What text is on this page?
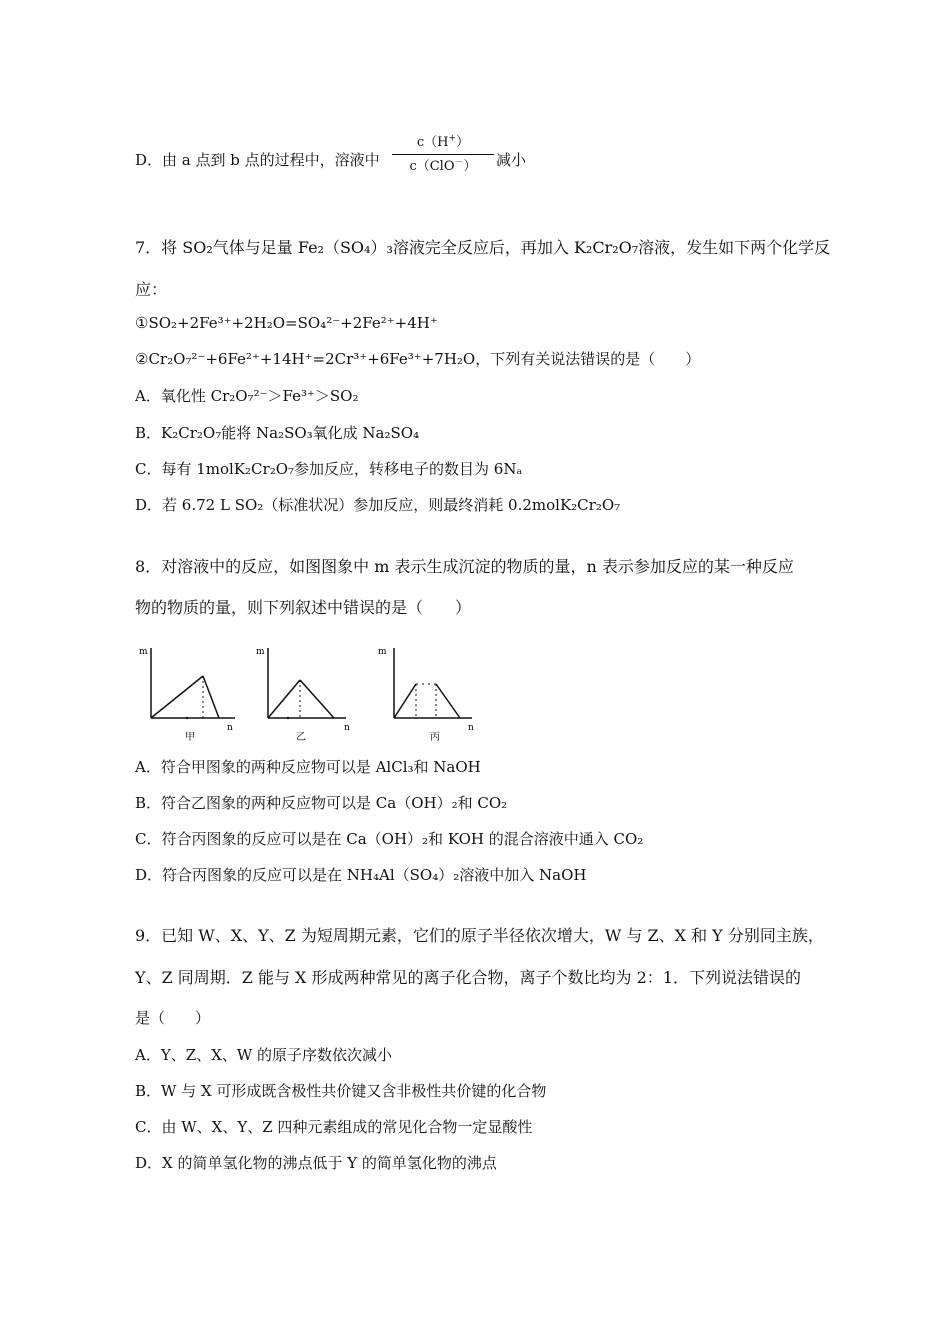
D．由 a 点到 b 点的过程中，溶液中
c（H+）
c（ClO－）	减小
7．将 SO₂气体与足量 Fe₂（SO₄）₃溶液完全反应后，再加入 K₂Cr₂O₇溶液，发生如下两个化学反
应：
①SO₂+2Fe³⁺+2H₂O=SO₄²⁻+2Fe²⁺+4H⁺
②Cr₂O₇²⁻+6Fe²⁺+14H⁺=2Cr³⁺+6Fe³⁺+7H₂O，下列有关说法错误的是（　　）
A．氧化性 Cr₂O₇²⁻＞Fe³⁺＞SO₂
B．K₂Cr₂O₇能将 Na₂SO₃氧化成 Na₂SO₄
C．每有 1molK₂Cr₂O₇参加反应，转移电子的数目为 6Nₐ
D．若 6.72 L SO₂（标准状况）参加反应，则最终消耗 0.2molK₂Cr₂O₇
8．对溶液中的反应，如图图象中 m 表示生成沉淀的物质的量，n 表示参加反应的某一种反应
物的物质的量，则下列叙述中错误的是（　　）
m
n
甲
m
n
乙
m
n
丙
A．符合甲图象的两种反应物可以是 AlCl₃和 NaOH
B．符合乙图象的两种反应物可以是 Ca（OH）₂和 CO₂
C．符合丙图象的反应可以是在 Ca（OH）₂和 KOH 的混合溶液中通入 CO₂
D．符合丙图象的反应可以是在 NH₄Al（SO₄）₂溶液中加入 NaOH
9．已知 W、X、Y、Z 为短周期元素，它们的原子半径依次增大，W 与 Z、X 和 Y 分别同主族，
Y、Z 同周期．Z 能与 X 形成两种常见的离子化合物，离子个数比均为 2：1．下列说法错误的
是（　　）
A．Y、Z、X、W 的原子序数依次减小
B．W 与 X 可形成既含极性共价键又含非极性共价键的化合物
C．由 W、X、Y、Z 四种元素组成的常见化合物一定显酸性
D．X 的简单氢化物的沸点低于 Y 的简单氢化物的沸点
